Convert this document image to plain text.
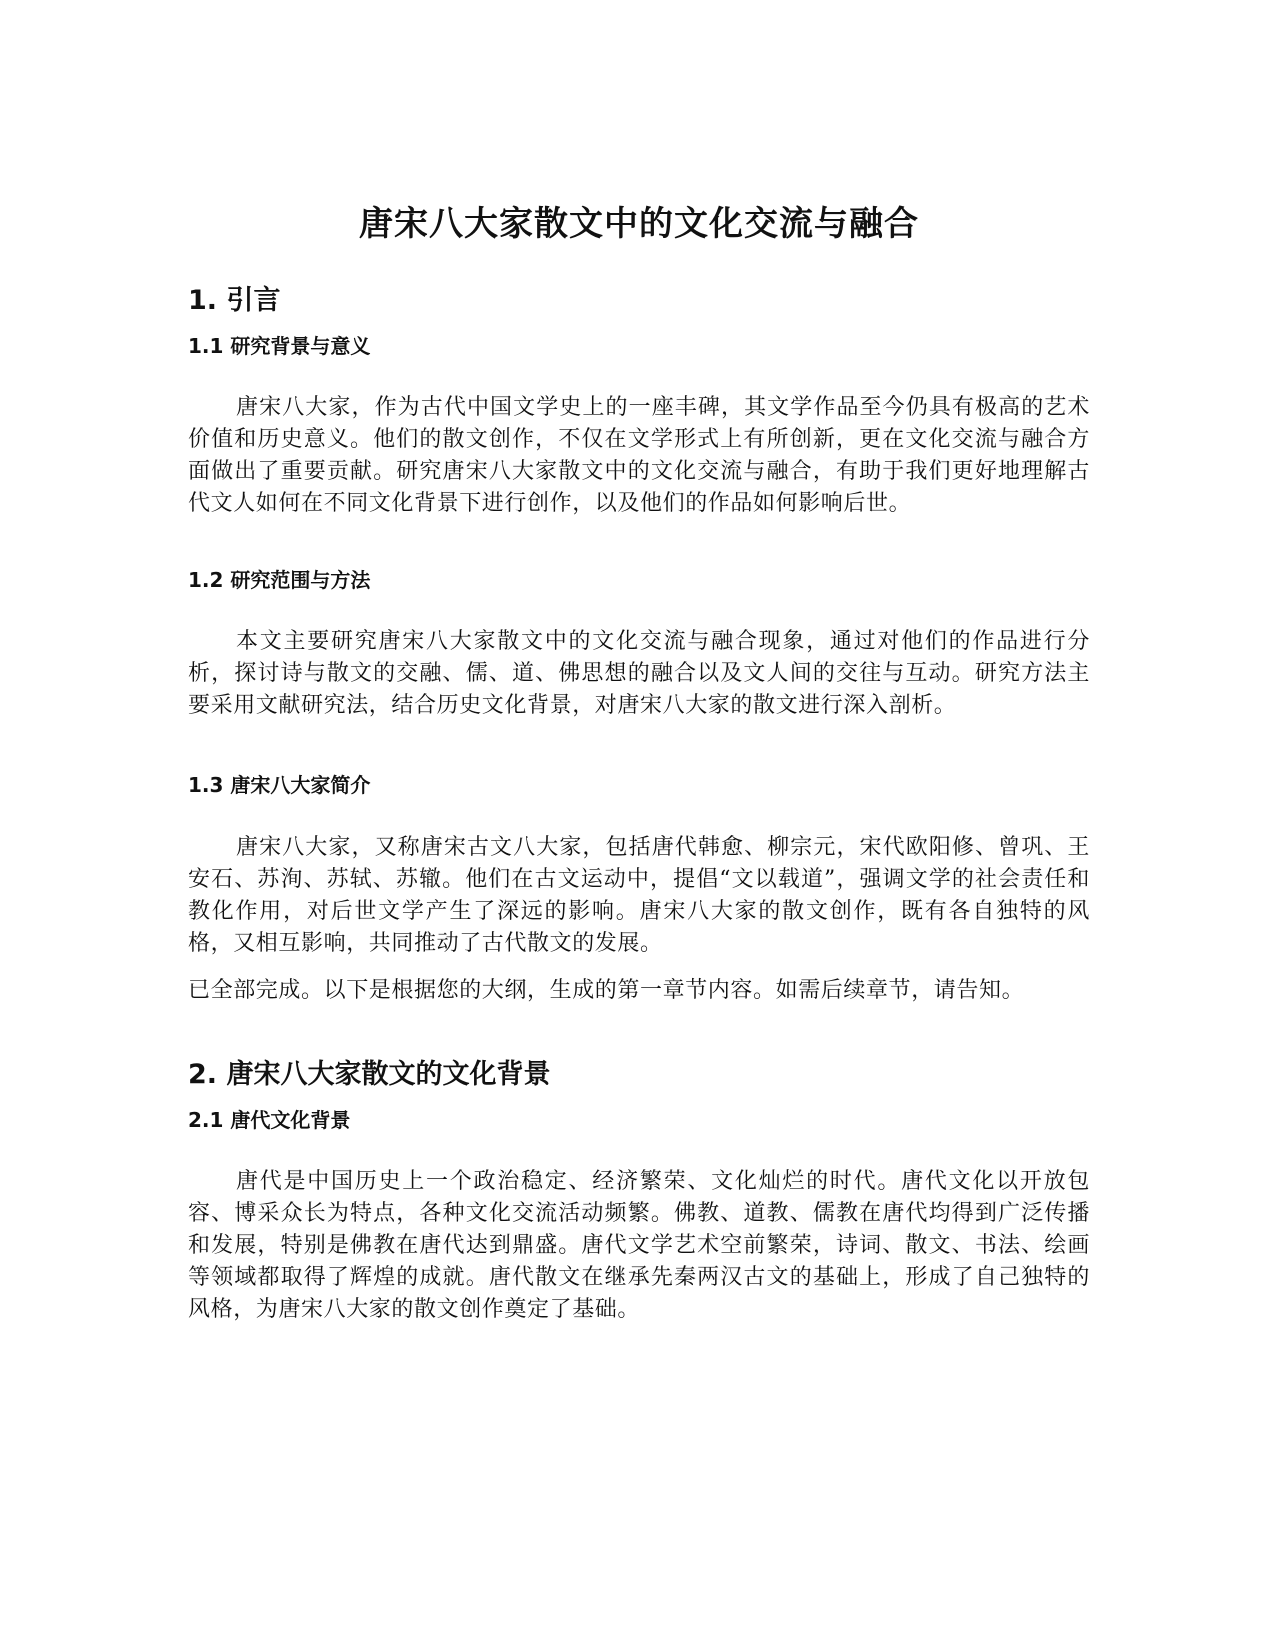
唐宋八大家散文中的文化交流与融合
1. 引言
1.1 研究背景与意义

唐宋八大家，作为古代中国文学史上的一座丰碑，其文学作品至今仍具有极高的艺术价值和历史意义。他们的散文创作，不仅在文学形式上有所创新，更在文化交流与融合方面做出了重要贡献。研究唐宋八大家散文中的文化交流与融合，有助于我们更好地理解古代文人如何在不同文化背景下进行创作，以及他们的作品如何影响后世。

1.2 研究范围与方法

本文主要研究唐宋八大家散文中的文化交流与融合现象，通过对他们的作品进行分析，探讨诗与散文的交融、儒、道、佛思想的融合以及文人间的交往与互动。研究方法主要采用文献研究法，结合历史文化背景，对唐宋八大家的散文进行深入剖析。

1.3 唐宋八大家简介

唐宋八大家，又称唐宋古文八大家，包括唐代韩愈、柳宗元，宋代欧阳修、曾巩、王安石、苏洵、苏轼、苏辙。他们在古文运动中，提倡“文以载道”，强调文学的社会责任和教化作用，对后世文学产生了深远的影响。唐宋八大家的散文创作，既有各自独特的风格，又相互影响，共同推动了古代散文的发展。

已全部完成。以下是根据您的大纲，生成的第一章节内容。如需后续章节，请告知。

2. 唐宋八大家散文的文化背景
2.1 唐代文化背景

唐代是中国历史上一个政治稳定、经济繁荣、文化灿烂的时代。唐代文化以开放包容、博采众长为特点，各种文化交流活动频繁。佛教、道教、儒教在唐代均得到广泛传播和发展，特别是佛教在唐代达到鼎盛。唐代文学艺术空前繁荣，诗词、散文、书法、绘画等领域都取得了辉煌的成就。唐代散文在继承先秦两汉古文的基础上，形成了自己独特的风格，为唐宋八大家的散文创作奠定了基础。
